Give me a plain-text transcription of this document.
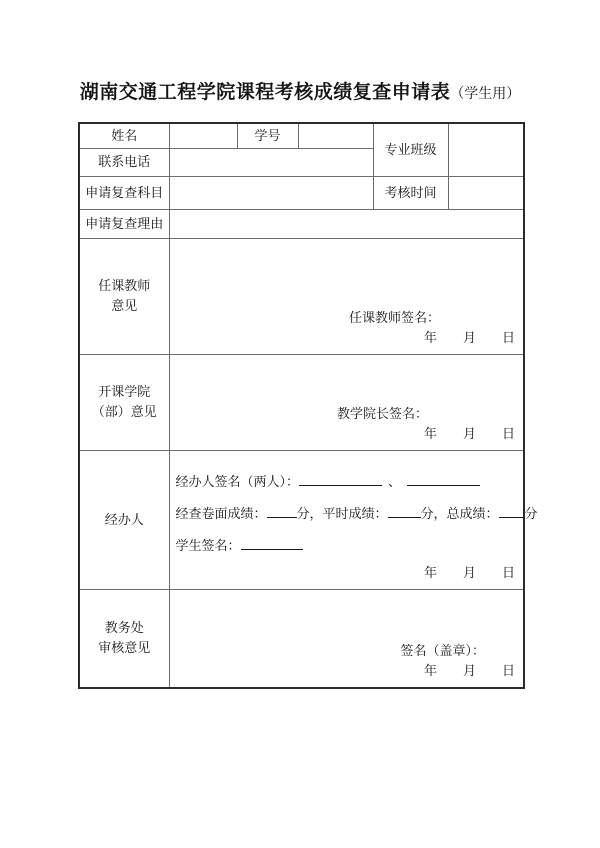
湖南交通工程学院课程考核成绩复查申请表（学生用）
姓名		学号		专业班级	
联系电话					
申请复查科目				考核时间	
申请复查理由					

任课教师
意见

任课教师签名：
年　　月　　日

开课学院
（部）意见	教学院长签名：
年　　月　　日

经办人	经办人签名（两人）： 、
经查卷面成绩： 分，平时成绩： 分，总成绩： 分
学生签名：
年　　月　　日				

教务处
审核意见	签名（盖章）：
年　　月　　日
